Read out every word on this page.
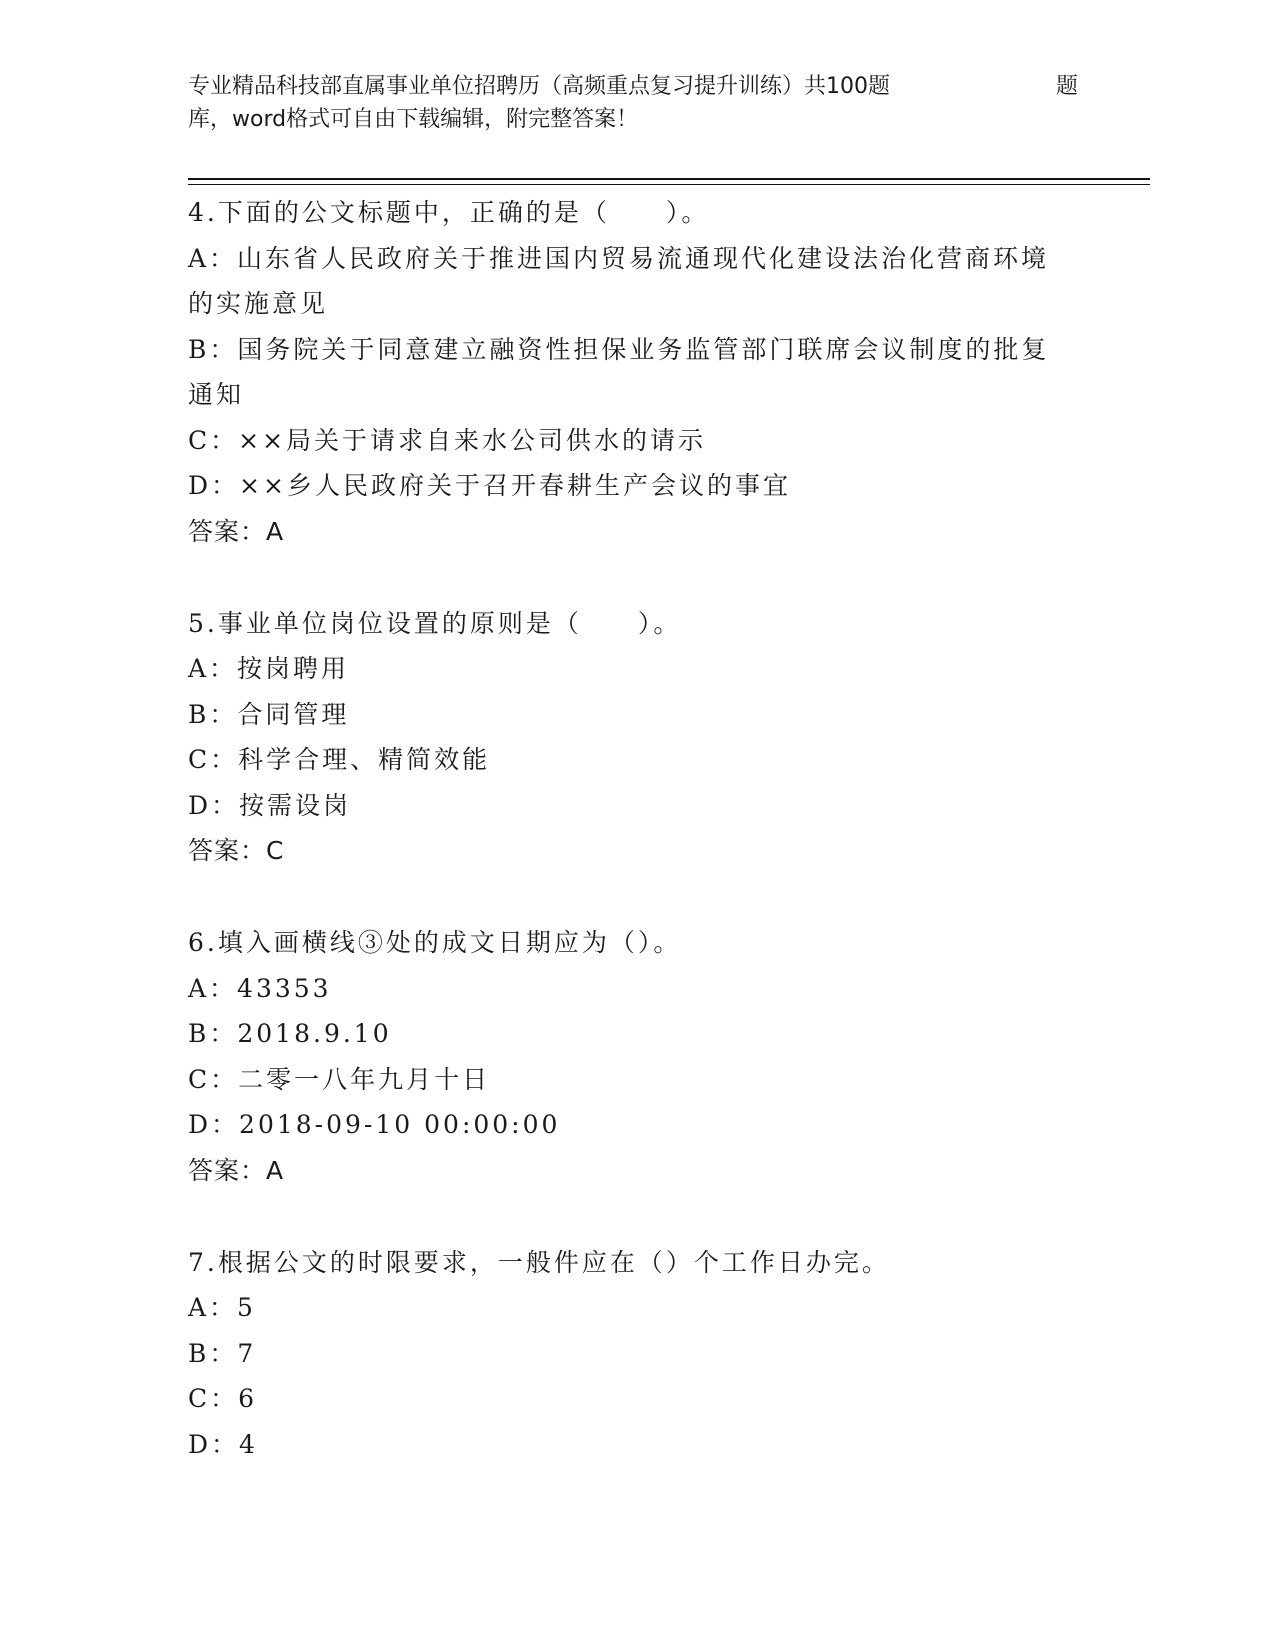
专业精品科技部直属事业单位招聘历（高频重点复习提升训练）共100题	题
库，word格式可自由下载编辑，附完整答案！

4.下面的公文标题中，正确的是（　　）。

A：山东省人民政府关于推进国内贸易流通现代化建设法治化营商环境

的实施意见

B：国务院关于同意建立融资性担保业务监管部门联席会议制度的批复

通知

C：××局关于请求自来水公司供水的请示

D：××乡人民政府关于召开春耕生产会议的事宜

答案：A

5.事业单位岗位设置的原则是（　　）。

A：按岗聘用

B：合同管理

C：科学合理、精简效能

D：按需设岗

答案：C

6.填入画横线③处的成文日期应为（）。

A：43353

B：2018.9.10

C：二零一八年九月十日

D：2018-09-10 00:00:00

答案：A

7.根据公文的时限要求，一般件应在（）个工作日办完。

A：5

B：7

C：6

D：4
